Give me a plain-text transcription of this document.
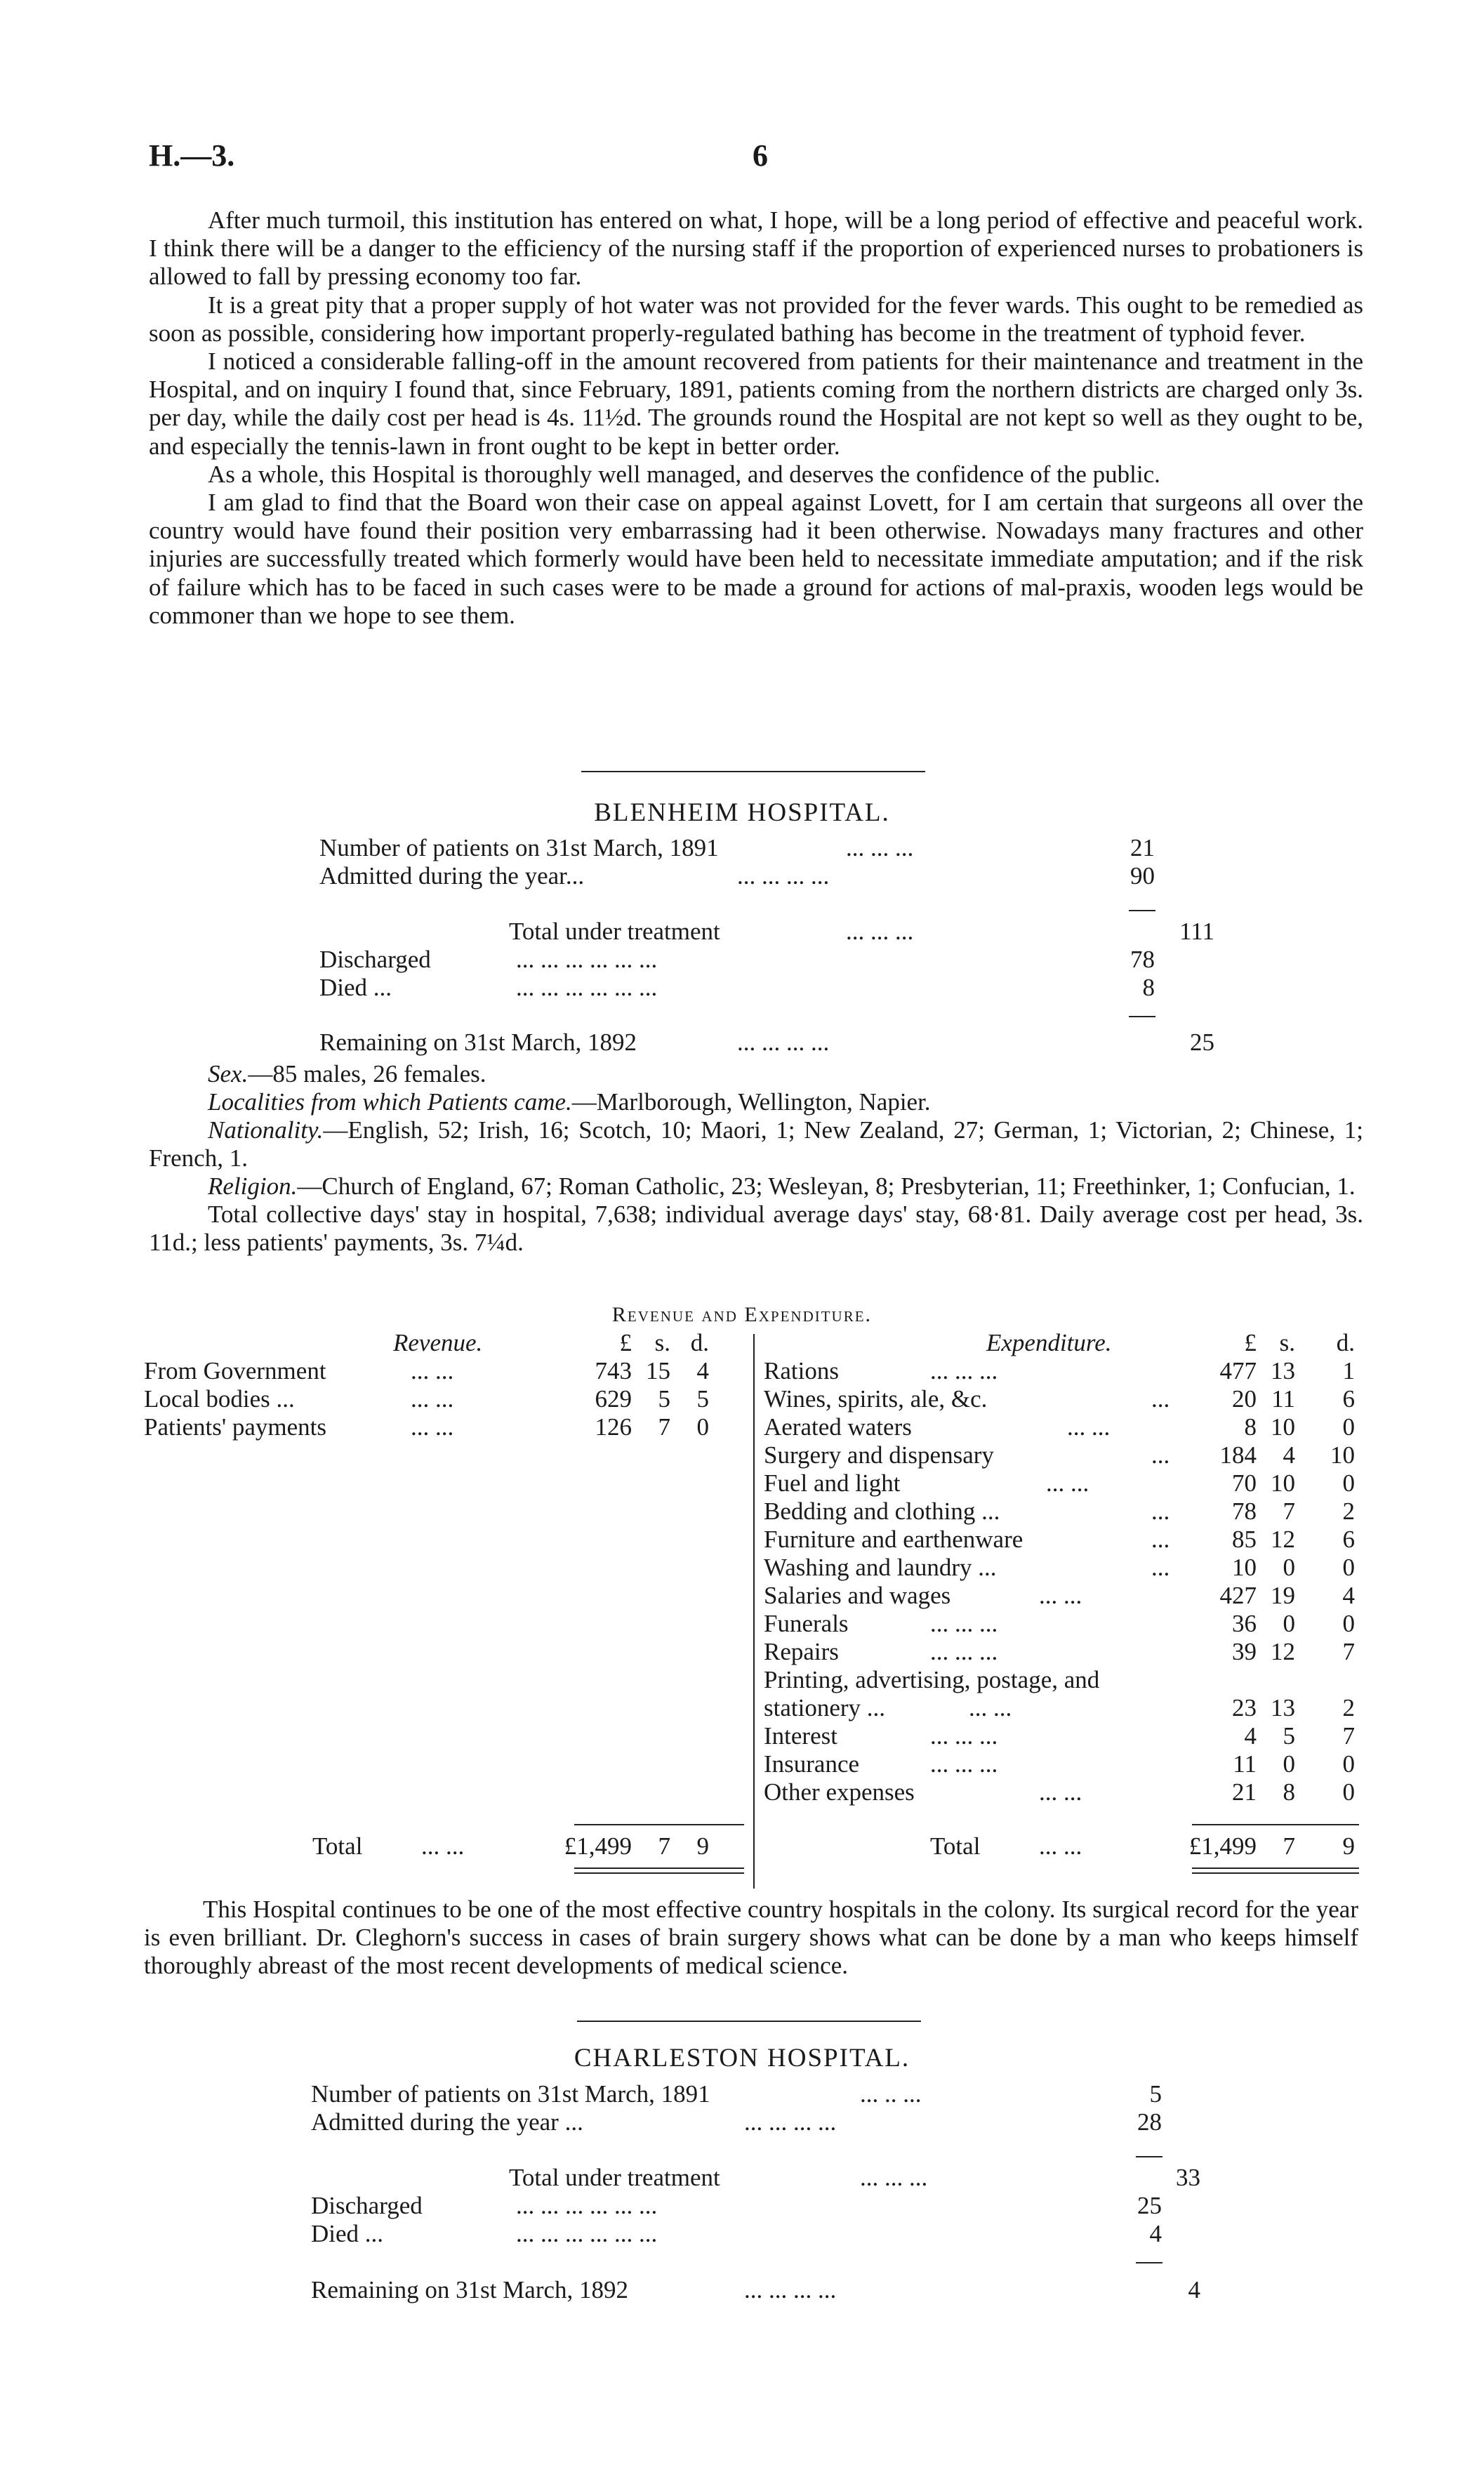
H.—3.	6

After much turmoil, this institution has entered on what, I hope, will be a long period of effective and peaceful work. I think there will be a danger to the efficiency of the nursing staff if the proportion of experienced nurses to probationers is allowed to fall by pressing economy too far.

It is a great pity that a proper supply of hot water was not provided for the fever wards. This ought to be remedied as soon as possible, considering how important properly-regulated bathing has become in the treatment of typhoid fever.

I noticed a considerable falling-off in the amount recovered from patients for their maintenance and treatment in the Hospital, and on inquiry I found that, since February, 1891, patients coming from the northern districts are charged only 3s. per day, while the daily cost per head is 4s. 11½d. The grounds round the Hospital are not kept so well as they ought to be, and especially the tennis-lawn in front ought to be kept in better order.

As a whole, this Hospital is thoroughly well managed, and deserves the confidence of the public.

I am glad to find that the Board won their case on appeal against Lovett, for I am certain that surgeons all over the country would have found their position very embarrassing had it been otherwise. Nowadays many fractures and other injuries are successfully treated which formerly would have been held to necessitate immediate amputation; and if the risk of failure which has to be faced in such cases were to be made a ground for actions of mal-praxis, wooden legs would be commoner than we hope to see them.

BLENHEIM HOSPITAL.
Number of patients on 31st March, 1891	... ... ...	21
Admitted during the year...	... ... ... ...	90
Total under treatment	... ... ...	111
Discharged	... ... ... ... ... ...	78
Died ...	... ... ... ... ... ...	8
Remaining on 31st March, 1892	... ... ... ...	25

Sex.—85 males, 26 females.

Localities from which Patients came.—Marlborough, Wellington, Napier.

Nationality.—English, 52; Irish, 16; Scotch, 10; Maori, 1; New Zealand, 27; German, 1; Victorian, 2; Chinese, 1; French, 1.

Religion.—Church of England, 67; Roman Catholic, 23; Wesleyan, 8; Presbyterian, 11; Freethinker, 1; Confucian, 1.

Total collective days' stay in hospital, 7,638; individual average days' stay, 68·81. Daily average cost per head, 3s. 11d.; less patients' payments, 3s. 7¼d.

Revenue and Expenditure.
Revenue.	£ s. d.	Expenditure.	£ s.	d.
From Government	... ...	743 15	4
Local bodies ...	... ...	629	5	5
Patients' payments	... ...	126	7	0
Rations	... ... ...	477 13	1
Wines, spirits, ale, &c.	...	20 11	6
Aerated waters	... ...	8 10	0
Surgery and dispensary	... 184	4	10
Fuel and light	... ...	70 10	0
Bedding and clothing ...	...	78	7	2
Furniture and earthenware	...	85 12	6
Washing and laundry ...	...	10	0	0
Salaries and wages	... ...	427 19	4
Funerals	... ... ...	36	0	0
Repairs	... ... ...	39 12	7
Printing, advertising, postage, and
stationery ...	... ...	23 13	2
Interest	... ... ...	4	5	7
Insurance	... ... ...	11	0	0
Other expenses	... ...	21	8	0
Total ... ...	£1,499	7	9	Total ... ...	£1,499	7	9

This Hospital continues to be one of the most effective country hospitals in the colony. Its surgical record for the year is even brilliant. Dr. Cleghorn's success in cases of brain surgery shows what can be done by a man who keeps himself thoroughly abreast of the most recent developments of medical science.

CHARLESTON HOSPITAL.
Number of patients on 31st March, 1891	... .. ...	5
Admitted during the year ...	... ... ... ...	28
Total under treatment	... ... ...	33
Discharged	... ... ... ... ... ...	25
Died ...	... ... ... ... ... ...	4
Remaining on 31st March, 1892	... ... ... ...	4
